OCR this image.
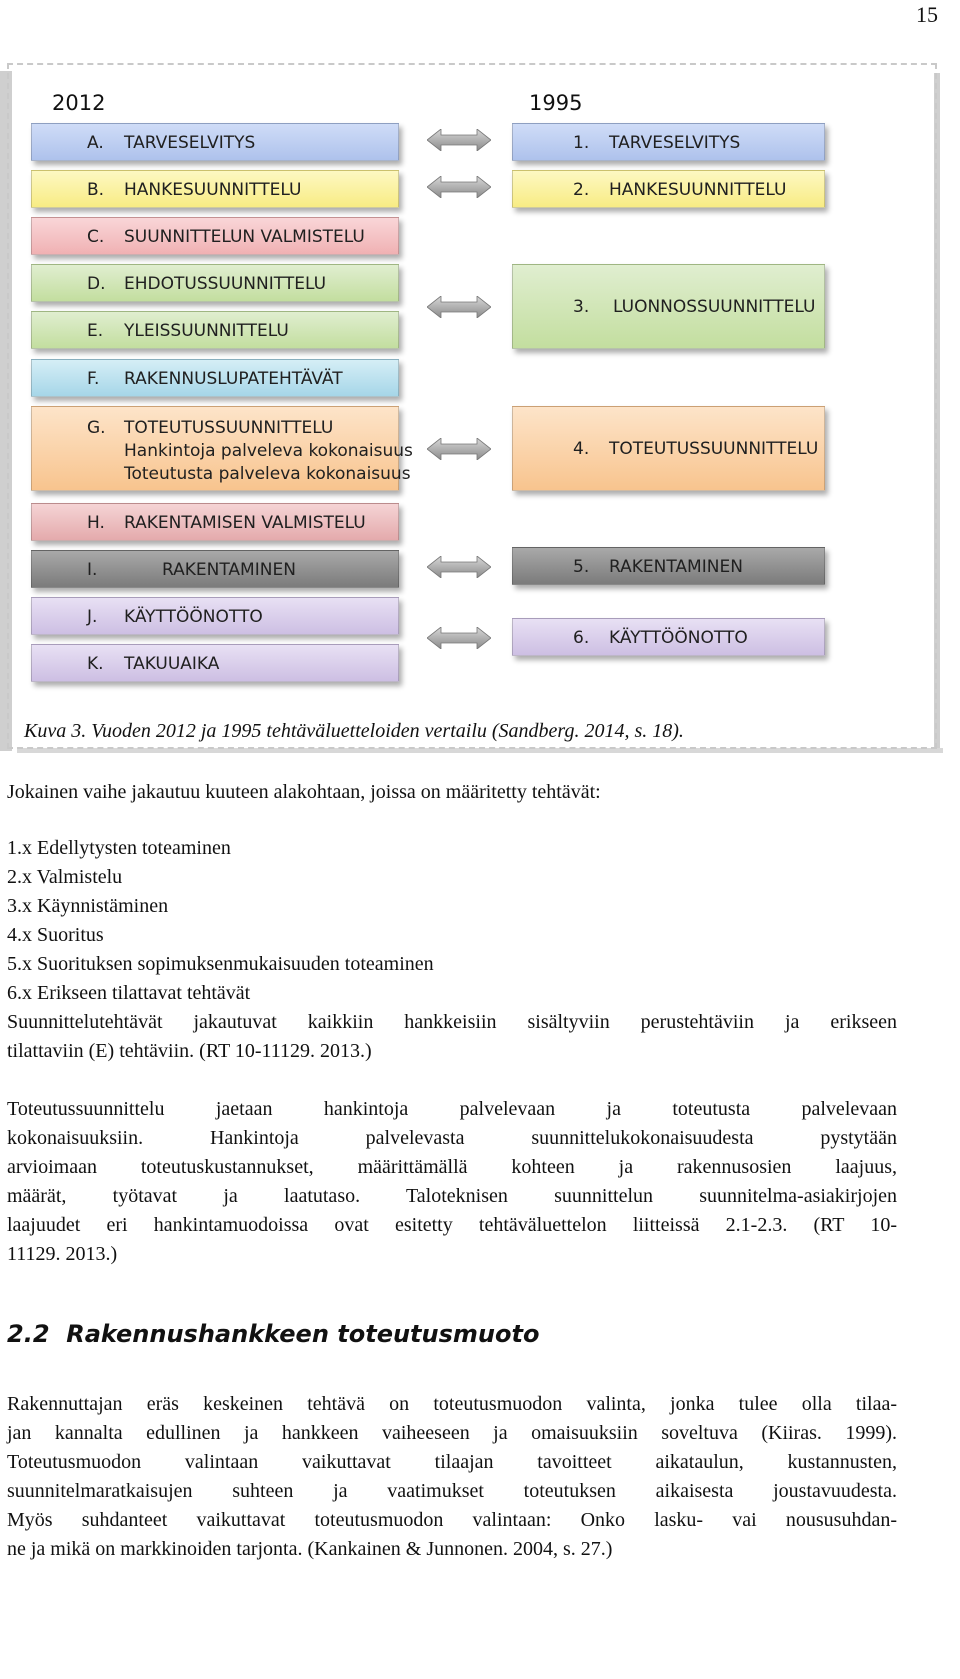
15
2012	1995
A. TARVESELVITYS
B. HANKESUUNNITTELU
C. SUUNNITTELUN VALMISTELU
D. EHDOTUSSUUNNITTELU
E. YLEISSUUNNITTELU
F. RAKENNUSLUPATEHTÄVÄT
G. TOTEUTUSSUUNNITTELU
Hankintoja palveleva kokonaisuus
Toteutusta palveleva kokonaisuus
H. RAKENTAMISEN VALMISTELU
I.	RAKENTAMINEN
J. KÄYTTÖÖNOTTO
K. TAKUUAIKA
1. TARVESELVITYS
2. HANKESUUNNITTELU
3. LUONNOSSUUNNITTELU
4. TOTEUTUSSUUNNITTELU
5. RAKENTAMINEN
6. KÄYTTÖÖNOTTO
Kuva 3. Vuoden 2012 ja 1995 tehtäväluetteloiden vertailu (Sandberg. 2014, s. 18).
Jokainen vaihe jakautuu kuuteen alakohtaan, joissa on määritetty tehtävät:
1.x Edellytysten toteaminen
2.x Valmistelu
3.x Käynnistäminen
4.x Suoritus
5.x Suorituksen sopimuksenmukaisuuden toteaminen
6.x Erikseen tilattavat tehtävät
Suunnittelutehtävät jakautuvat kaikkiin hankkeisiin sisältyviin perustehtäviin ja erikseen
tilattaviin (E) tehtäviin. (RT 10-11129. 2013.)
Toteutussuunnittelu jaetaan hankintoja palvelevaan ja toteutusta palvelevaan
kokonaisuuksiin. Hankintoja palvelevasta suunnittelukokonaisuudesta pystytään
arvioimaan toteutuskustannukset, määrittämällä kohteen ja rakennusosien laajuus,
määrät, työtavat ja laatutaso. Taloteknisen suunnittelun suunnitelma-asiakirjojen
laajuudet eri hankintamuodoissa ovat esitetty tehtäväluettelon liitteissä 2.1-2.3. (RT 10-
11129. 2013.)
2.2  Rakennushankkeen toteutusmuoto
Rakennuttajan eräs keskeinen tehtävä on toteutusmuodon valinta, jonka tulee olla tilaa-
jan kannalta edullinen ja hankkeen vaiheeseen ja omaisuuksiin soveltuva (Kiiras. 1999).
Toteutusmuodon valintaan vaikuttavat tilaajan tavoitteet aikataulun, kustannusten,
suunnitelmaratkaisujen suhteen ja vaatimukset toteutuksen aikaisesta joustavuudesta.
Myös suhdanteet vaikuttavat toteutusmuodon valintaan: Onko lasku- vai noususuhdan-
ne ja mikä on markkinoiden tarjonta. (Kankainen & Junnonen. 2004, s. 27.)
